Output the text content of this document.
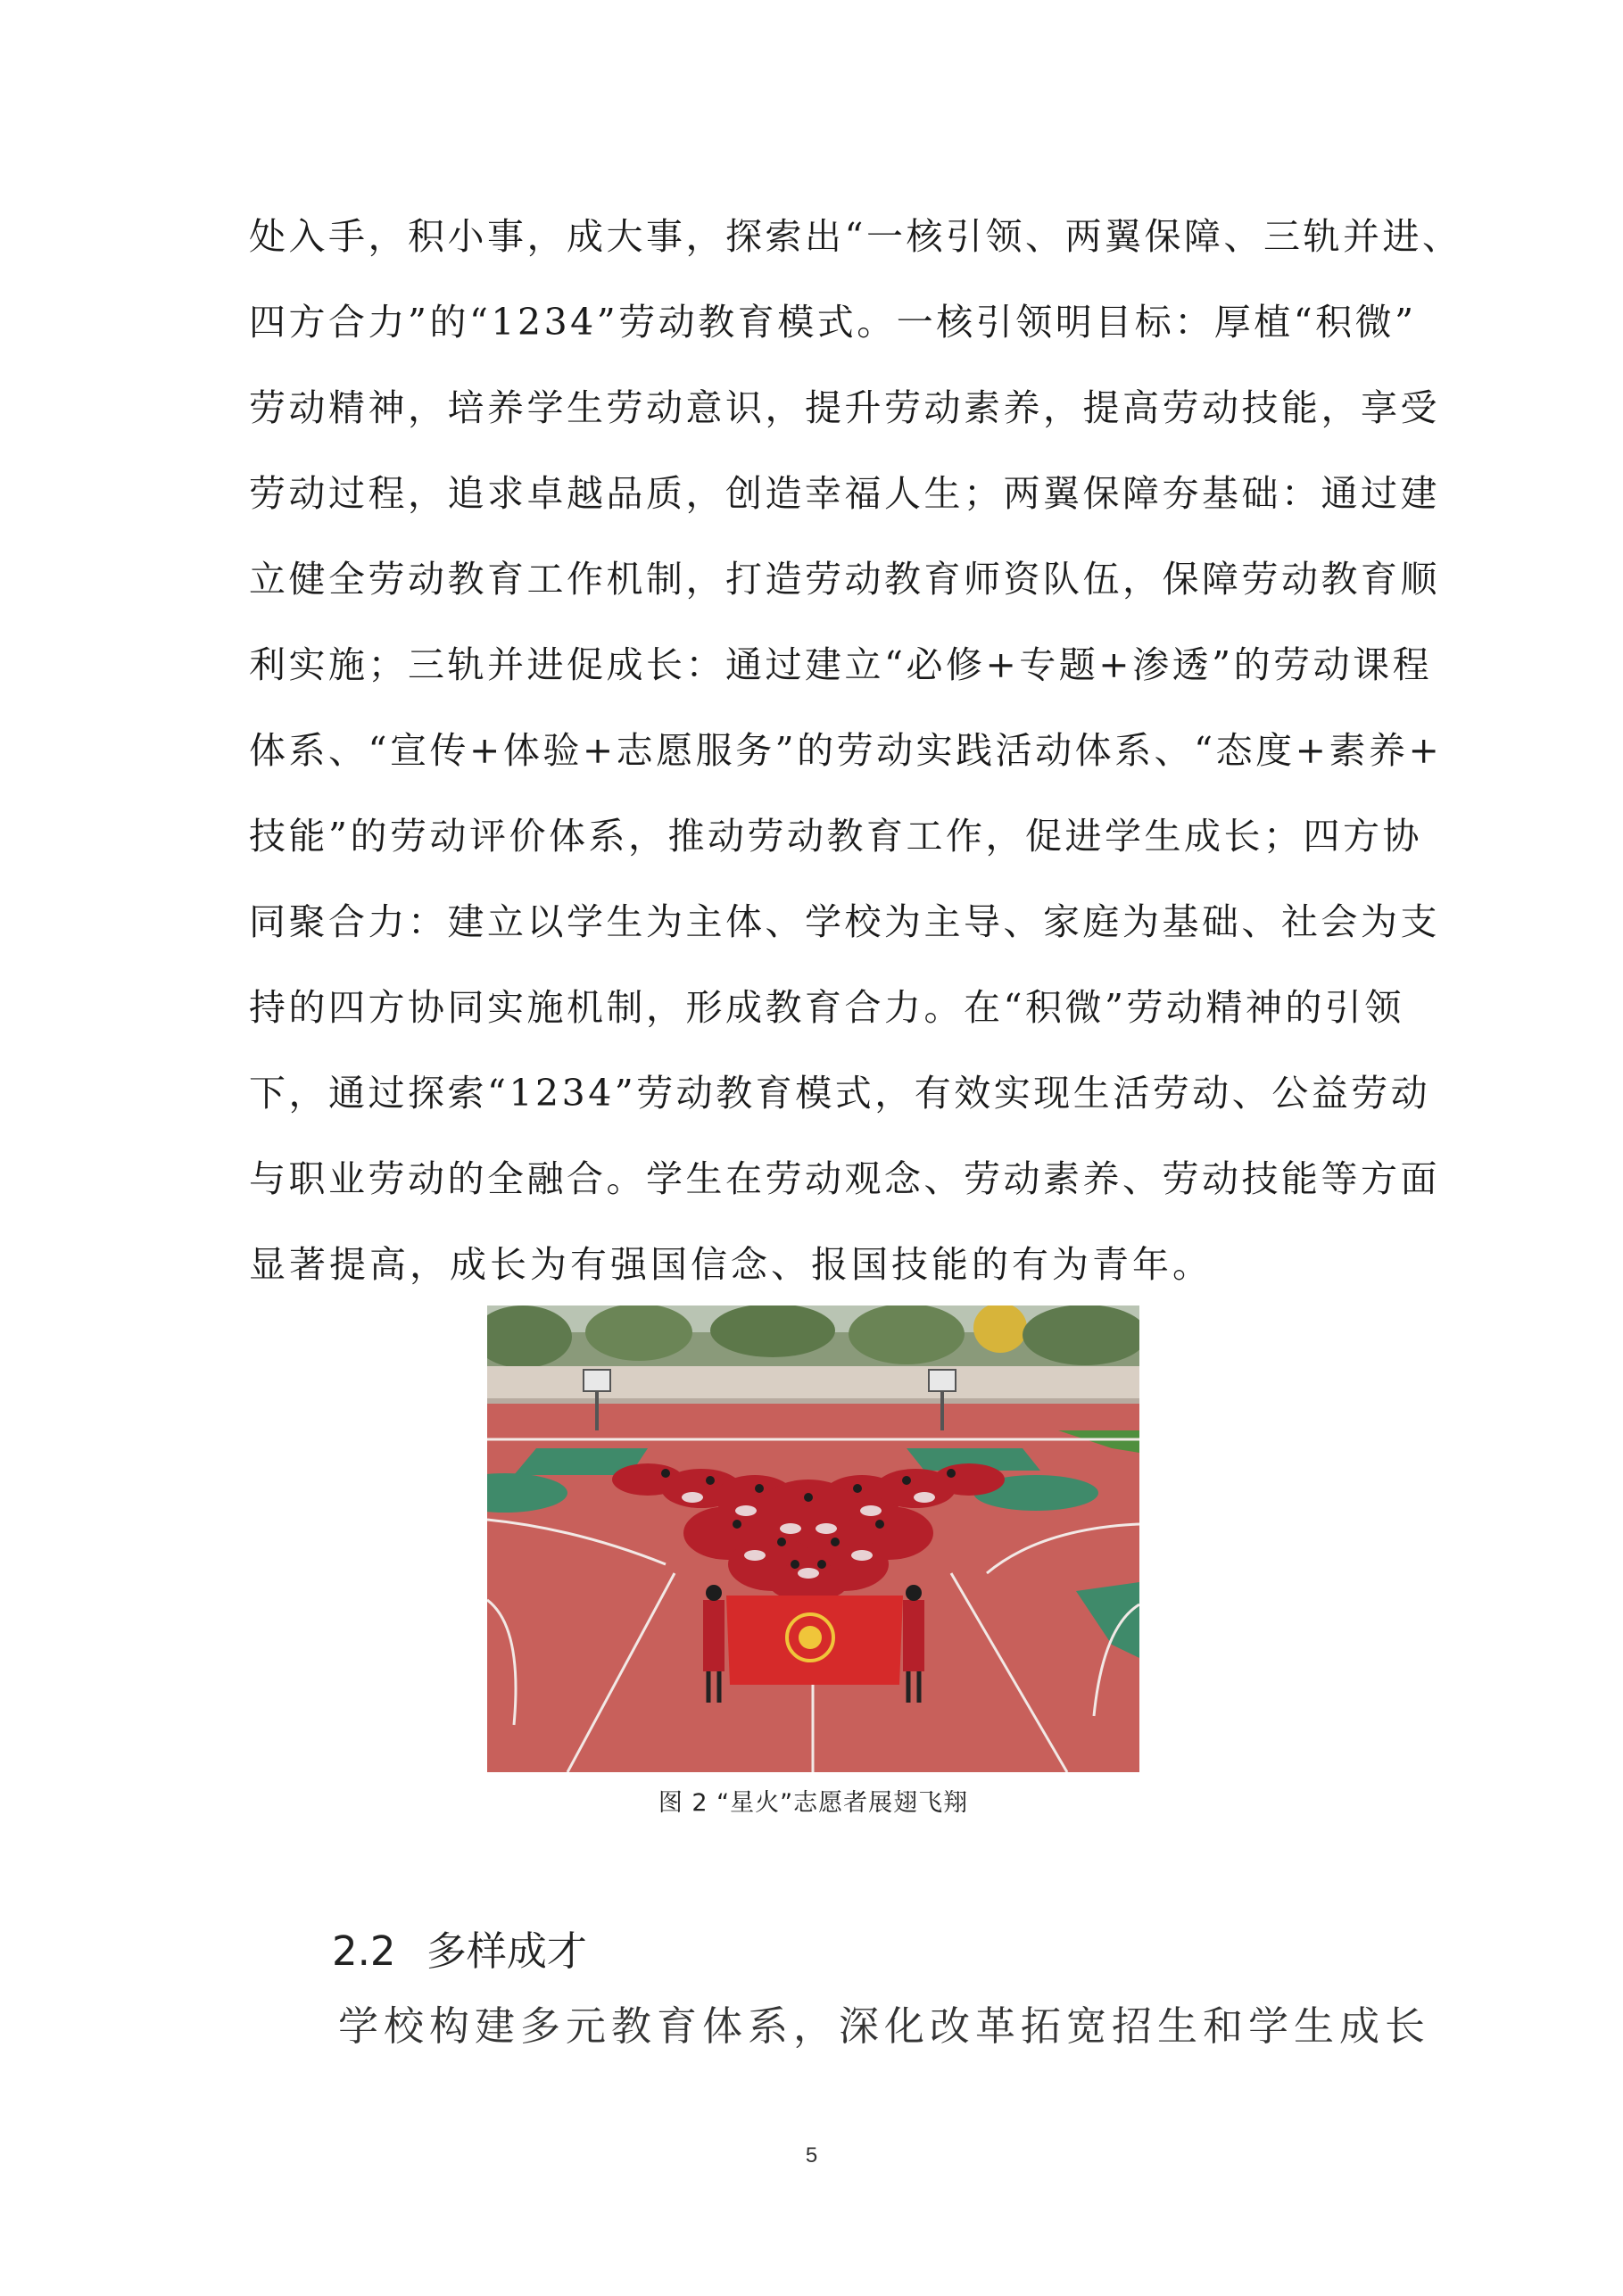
处入手，积小事，成大事，探索出“一核引领、两翼保障、三轨并进、
四方合力”的“1234”劳动教育模式。一核引领明目标：厚植“积微”
劳动精神，培养学生劳动意识，提升劳动素养，提高劳动技能，享受
劳动过程，追求卓越品质，创造幸福人生；两翼保障夯基础：通过建
立健全劳动教育工作机制，打造劳动教育师资队伍，保障劳动教育顺
利实施；三轨并进促成长：通过建立“必修+专题+渗透”的劳动课程
体系、“宣传+体验+志愿服务”的劳动实践活动体系、“态度+素养+
技能”的劳动评价体系，推动劳动教育工作，促进学生成长；四方协
同聚合力：建立以学生为主体、学校为主导、家庭为基础、社会为支
持的四方协同实施机制，形成教育合力。在“积微”劳动精神的引领
下，通过探索“1234”劳动教育模式，有效实现生活劳动、公益劳动
与职业劳动的全融合。学生在劳动观念、劳动素养、劳动技能等方面
显著提高，成长为有强国信念、报国技能的有为青年。
图 2 “星火”志愿者展翅飞翔
2.2 多样成才
学校构建多元教育体系，深化改革拓宽招生和学生成长
5
